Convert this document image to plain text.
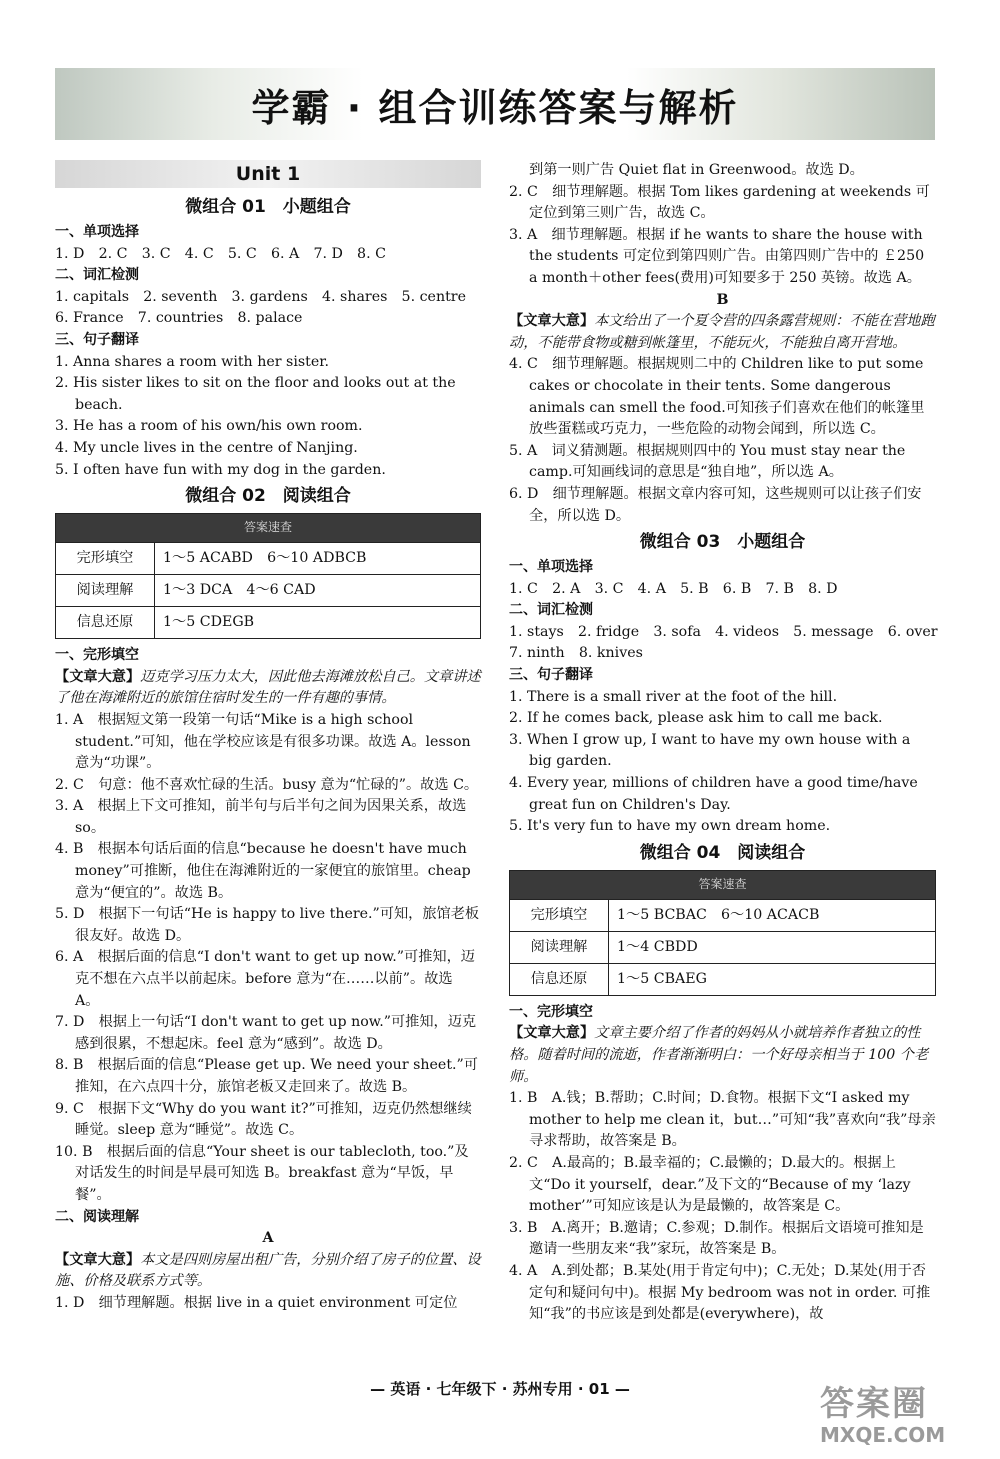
学霸 · 组合训练答案与解析
Unit 1
微组合 01　小题组合
一、单项选择
1. D　2. C　3. C　4. C　5. C　6. A　7. D　8. C
二、词汇检测
1. capitals　2. seventh　3. gardens　4. shares　5. centre
6. France　7. countries　8. palace
三、句子翻译
1. Anna shares a room with her sister.
2. His sister likes to sit on the floor and looks out at the beach.
3. He has a room of his own/his own room.
4. My uncle lives in the centre of Nanjing.
5. I often have fun with my dog in the garden.
微组合 02　阅读组合
答案速查	
完形填空	1～5 ACABD　6～10 ADBCB
阅读理解	1～3 DCA　4～6 CAD
信息还原	1～5 CDEGB
一、完形填空
【文章大意】迈克学习压力太大，因此他去海滩放松自己。文章讲述了他在海滩附近的旅馆住宿时发生的一件有趣的事情。
1. A　根据短文第一段第一句话“Mike is a high school student.”可知，他在学校应该是有很多功课。故选 A。lesson 意为“功课”。
2. C　句意：他不喜欢忙碌的生活。busy 意为“忙碌的”。故选 C。
3. A　根据上下文可推知，前半句与后半句之间为因果关系，故选 so。
4. B　根据本句话后面的信息“because he doesn't have much money”可推断，他住在海滩附近的一家便宜的旅馆里。cheap 意为“便宜的”。故选 B。
5. D　根据下一句话“He is happy to live there.”可知，旅馆老板很友好。故选 D。
6. A　根据后面的信息“I don't want to get up now.”可推知，迈克不想在六点半以前起床。before 意为“在……以前”。故选 A。
7. D　根据上一句话“I don't want to get up now.”可推知，迈克感到很累，不想起床。feel 意为“感到”。故选 D。
8. B　根据后面的信息“Please get up. We need your sheet.”可推知，在六点四十分，旅馆老板又走回来了。故选 B。
9. C　根据下文“Why do you want it?”可推知，迈克仍然想继续睡觉。sleep 意为“睡觉”。故选 C。
10. B　根据后面的信息“Your sheet is our tablecloth, too.”及对话发生的时间是早晨可知选 B。breakfast 意为“早饭，早餐”。
二、阅读理解
A
【文章大意】本文是四则房屋出租广告，分别介绍了房子的位置、设施、价格及联系方式等。
1. D　细节理解题。根据 live in a quiet environment 可定位
到第一则广告 Quiet flat in Greenwood。故选 D。
2. C　细节理解题。根据 Tom likes gardening at weekends 可定位到第三则广告，故选 C。
3. A　细节理解题。根据 if he wants to share the house with the students 可定位到第四则广告。由第四则广告中的 ￡250 a month＋other fees(费用)可知要多于 250 英镑。故选 A。
B
【文章大意】本文给出了一个夏令营的四条露营规则：不能在营地跑动，不能带食物或糖到帐篷里，不能玩火，不能独自离开营地。
4. C　细节理解题。根据规则二中的 Children like to put some cakes or chocolate in their tents. Some dangerous animals can smell the food.可知孩子们喜欢在他们的帐篷里放些蛋糕或巧克力，一些危险的动物会闻到，所以选 C。
5. A　词义猜测题。根据规则四中的 You must stay near the camp.可知画线词的意思是“独自地”，所以选 A。
6. D　细节理解题。根据文章内容可知，这些规则可以让孩子们安全，所以选 D。
微组合 03　小题组合
一、单项选择
1. C　2. A　3. C　4. A　5. B　6. B　7. B　8. D
二、词汇检测
1. stays　2. fridge　3. sofa　4. videos　5. message　6. over
7. ninth　8. knives
三、句子翻译
1. There is a small river at the foot of the hill.
2. If he comes back, please ask him to call me back.
3. When I grow up, I want to have my own house with a big garden.
4. Every year, millions of children have a good time/have great fun on Children's Day.
5. It's very fun to have my own dream home.
微组合 04　阅读组合
答案速查	
完形填空	1～5 BCBAC　6～10 ACACB
阅读理解	1～4 CBDD
信息还原	1～5 CBAEG
一、完形填空
【文章大意】文章主要介绍了作者的妈妈从小就培养作者独立的性格。随着时间的流逝，作者渐渐明白：一个好母亲相当于 100 个老师。
1. B　A.钱；B.帮助；C.时间；D.食物。根据下文“I asked my mother to help me clean it，but…”可知“我”喜欢向“我”母亲寻求帮助，故答案是 B。
2. C　A.最高的；B.最幸福的；C.最懒的；D.最大的。根据上文“Do it yourself，dear.”及下文的“Because of my ‘lazy mother’”可知应该是认为是最懒的，故答案是 C。
3. B　A.离开；B.邀请；C.参观；D.制作。根据后文语境可推知是邀请一些朋友来“我”家玩，故答案是 B。
4. A　A.到处都；B.某处(用于肯定句中)；C.无处；D.某处(用于否定句和疑问句中)。根据 My bedroom was not in order. 可推知“我”的书应该是到处都是(everywhere)，故
— 英语 · 七年级下 · 苏州专用 · 01 —	答案圈
MXQE.COM
